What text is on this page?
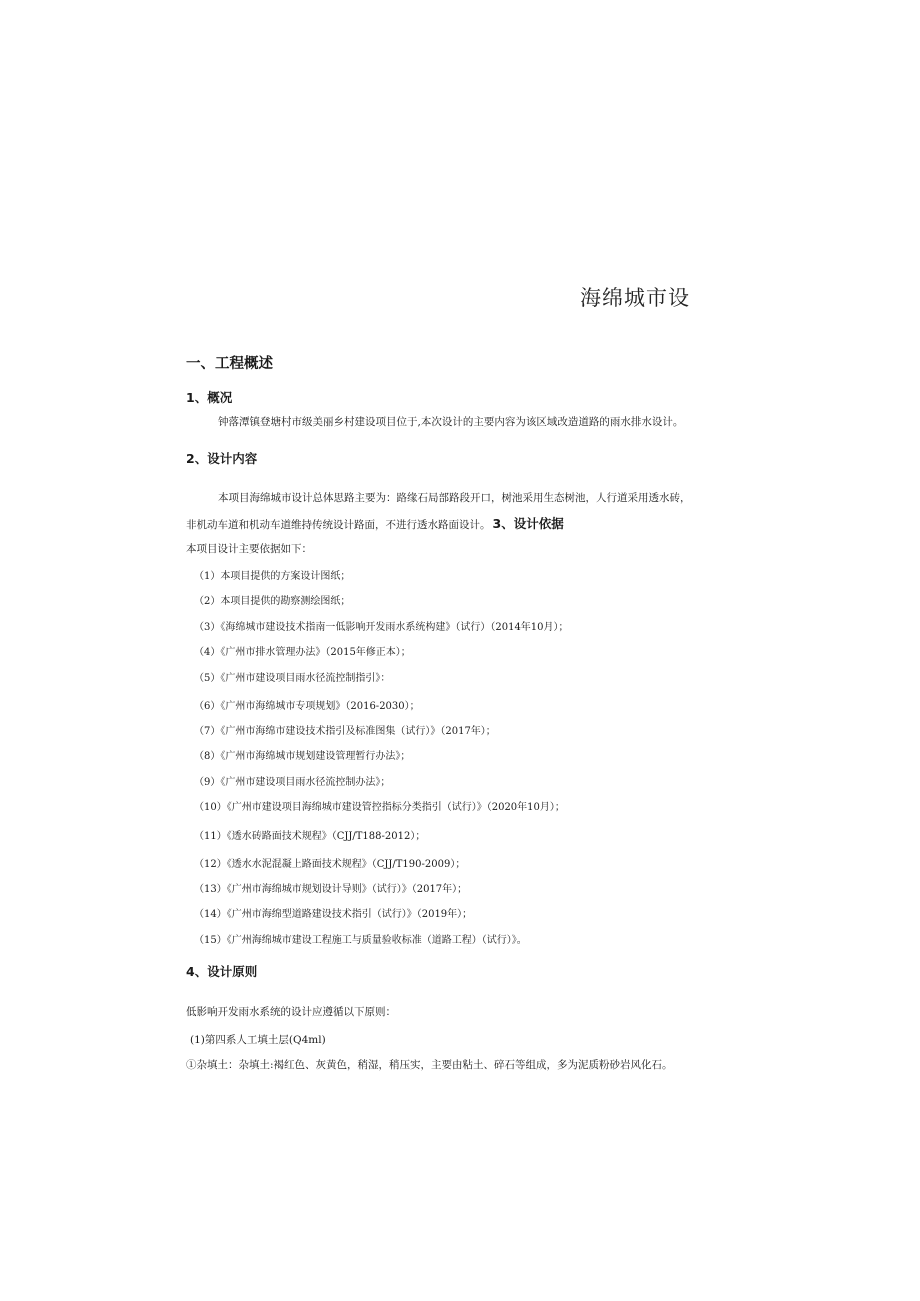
海绵城市设
一、工程概述
1、概况
钟落潭镇登塘村市级美丽乡村建设项目位于,本次设计的主要内容为该区域改造道路的雨水排水设计。
2、设计内容
本项目海绵城市设计总体思路主要为：路缘石局部路段开口，树池采用生态树池，人行道采用透水砖，
非机动车道和机动车道维持传统设计路面，不进行透水路面设计。 3、设计依据
本项目设计主要依据如下：
（1）本项目提供的方案设计图纸；
（2）本项目提供的勘察测绘图纸；
（3）《海绵城市建设技术指南一低影响开发雨水系统构建》（试行）（2014年10月）；
（4）《广州市排水管理办法》（2015年修正本）；
（5）《广州市建设项目雨水径流控制指引》：
（6）《广州市海绵城市专项规划》（2016-2030）；
（7）《广州市海绵市建设技术指引及标准图集（试行）》（2017年）；
（8）《广州市海绵城市规划建设管理暂行办法》；
（9）《广州市建设项目雨水径流控制办法》；
（10）《广州市建设项目海绵城市建设管控指标分类指引（试行）》（2020年10月）；
（11）《透水砖路面技术规程》（CJJ/T188-2012）；
（12）《透水水泥混凝上路面技术规程》（CJJ/T190-2009）；
（13）《广州市海绵城市规划设计导则》（试行）》（2017年）；
（14）《广州市海绵型道路建设技术指引（试行）》（2019年）；
（15）《广州海绵城市建设工程施工与质量验收标准（道路工程）（试行）》。
4、设计原则
低影响开发雨水系统的设计应遵循以下原则：
(1)第四系人工填土层(Q4ml)
①杂填土：杂填土:褐红色、灰黄色，稍湿，稍压实，主要由粘土、碎石等组成，多为泥质粉砂岩风化石。
